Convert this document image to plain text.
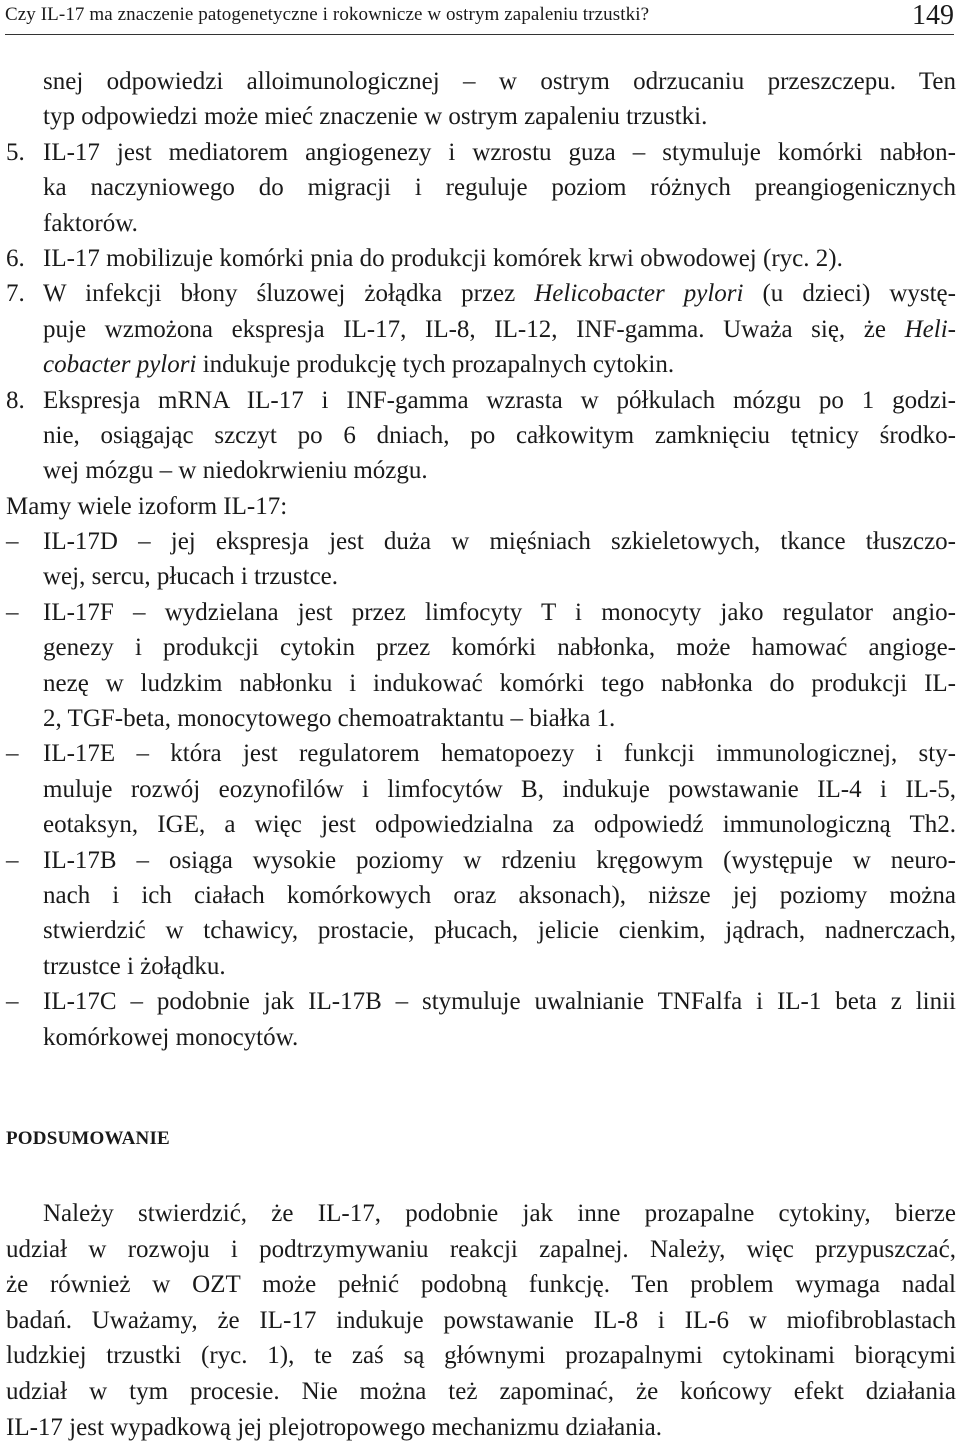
Czy IL-17 ma znaczenie patogenetyczne i rokownicze w ostrym zapaleniu trzustki?	149
snej odpowiedzi alloimunologicznej – w ostrym odrzucaniu przeszczepu. Ten
typ odpowiedzi może mieć znaczenie w ostrym zapaleniu trzustki.
5. IL-17 jest mediatorem angiogenezy i wzrostu guza – stymuluje komórki nabłon-
ka naczyniowego do migracji i reguluje poziom różnych preangiogenicznych
faktorów.
6. IL-17 mobilizuje komórki pnia do produkcji komórek krwi obwodowej (ryc. 2).
7. W infekcji błony śluzowej żołądka przez Helicobacter pylori (u dzieci) wystę-
puje wzmożona ekspresja IL-17, IL-8, IL-12, INF-gamma. Uważa się, że Heli-
cobacter pylori indukuje produkcję tych prozapalnych cytokin.
8. Ekspresja mRNA IL-17 i INF-gamma wzrasta w półkulach mózgu po 1 godzi-
nie, osiągając szczyt po 6 dniach, po całkowitym zamknięciu tętnicy środko-
wej mózgu – w niedokrwieniu mózgu.
Mamy wiele izoform IL-17:
– IL-17D – jej ekspresja jest duża w mięśniach szkieletowych, tkance tłuszczo-
wej, sercu, płucach i trzustce.
– IL-17F – wydzielana jest przez limfocyty T i monocyty jako regulator angio-
genezy i produkcji cytokin przez komórki nabłonka, może hamować angioge-
nezę w ludzkim nabłonku i indukować komórki tego nabłonka do produkcji IL-
2, TGF-beta, monocytowego chemoatraktantu – białka 1.
– IL-17E – która jest regulatorem hematopoezy i funkcji immunologicznej, sty-
muluje rozwój eozynofilów i limfocytów B, indukuje powstawanie IL-4 i IL-5,
eotaksyn, IGE, a więc jest odpowiedzialna za odpowiedź immunologiczną Th2.
– IL-17B – osiąga wysokie poziomy w rdzeniu kręgowym (występuje w neuro-
nach i ich ciałach komórkowych oraz aksonach), niższe jej poziomy można
stwierdzić w tchawicy, prostacie, płucach, jelicie cienkim, jądrach, nadnerczach,
trzustce i żołądku.
– IL-17C – podobnie jak IL-17B – stymuluje uwalnianie TNFalfa i IL-1 beta z linii
komórkowej monocytów.
PODSUMOWANIE
Należy stwierdzić, że IL-17, podobnie jak inne prozapalne cytokiny, bierze
udział w rozwoju i podtrzymywaniu reakcji zapalnej. Należy, więc przypuszczać,
że również w OZT może pełnić podobną funkcję. Ten problem wymaga nadal
badań. Uważamy, że IL-17 indukuje powstawanie IL-8 i IL-6 w miofibroblastach
ludzkiej trzustki (ryc. 1), te zaś są głównymi prozapalnymi cytokinami biorącymi
udział w tym procesie. Nie można też zapominać, że końcowy efekt działania
IL-17 jest wypadkową jej plejotropowego mechanizmu działania.
